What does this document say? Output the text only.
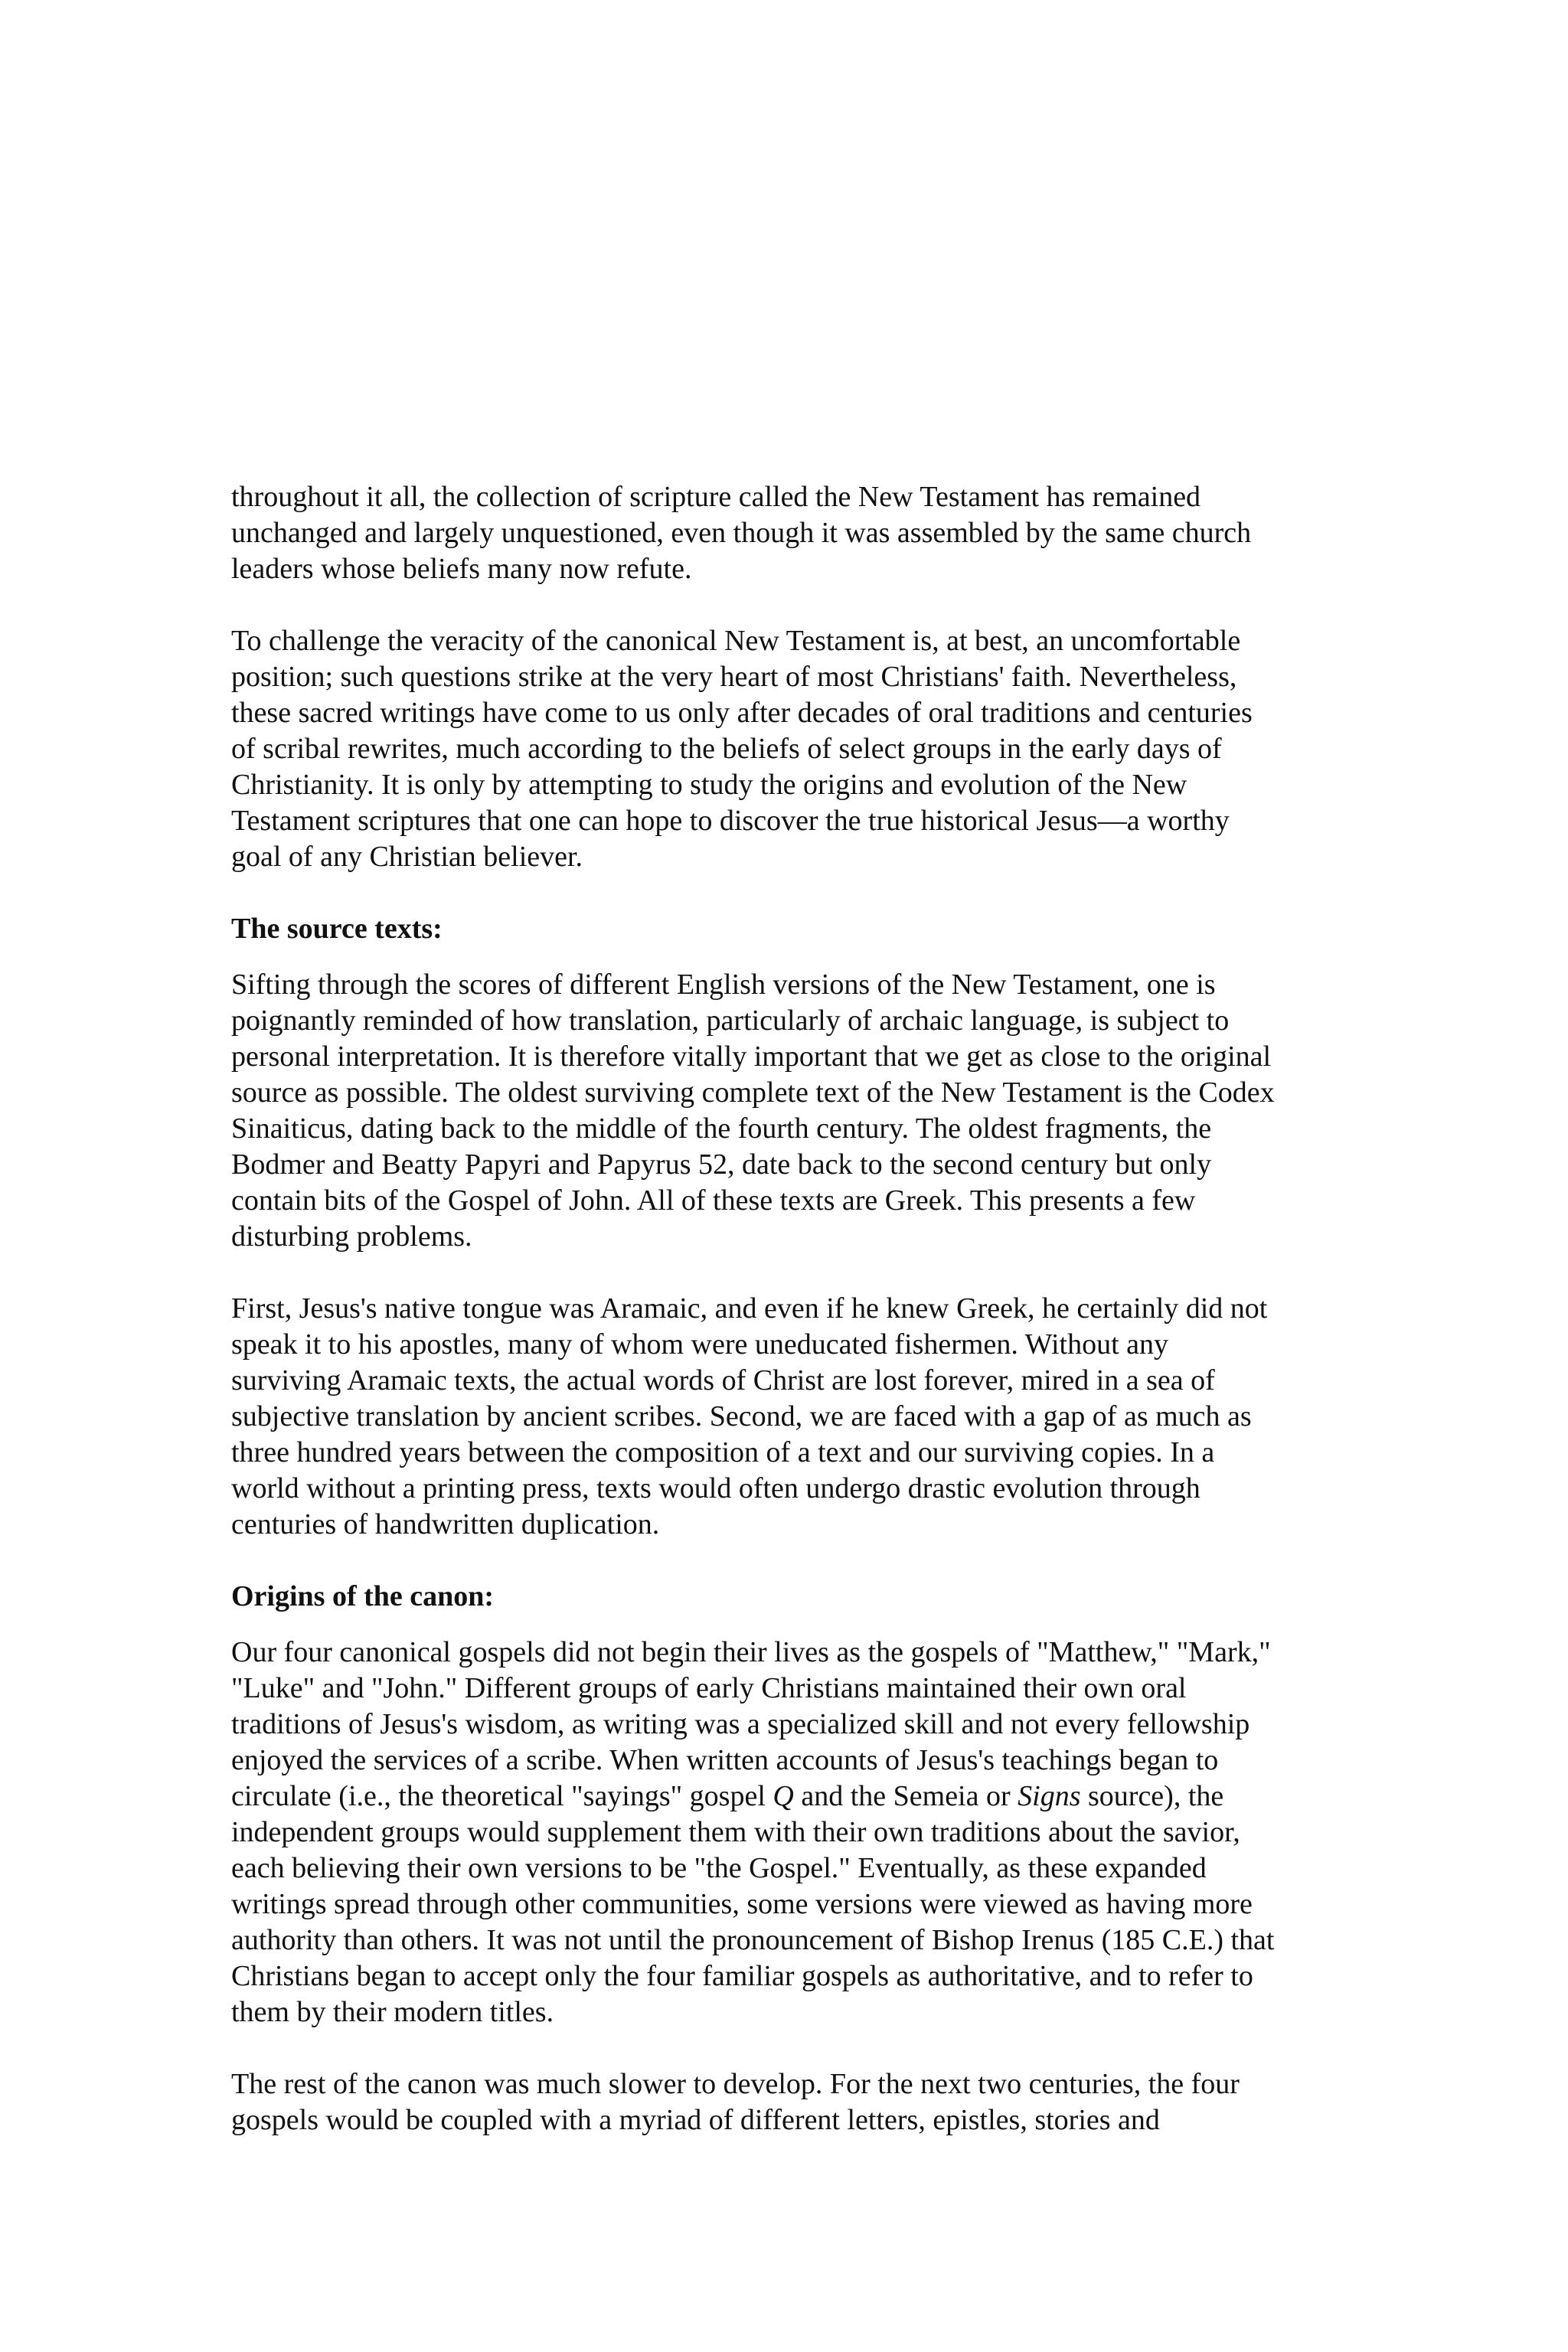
throughout it all, the collection of scripture called the New Testament has remained
unchanged and largely unquestioned, even though it was assembled by the same church
leaders whose beliefs many now refute.
To challenge the veracity of the canonical New Testament is, at best, an uncomfortable
position; such questions strike at the very heart of most Christians' faith. Nevertheless,
these sacred writings have come to us only after decades of oral traditions and centuries
of scribal rewrites, much according to the beliefs of select groups in the early days of
Christianity. It is only by attempting to study the origins and evolution of the New
Testament scriptures that one can hope to discover the true historical Jesus—a worthy
goal of any Christian believer.
The source texts:
Sifting through the scores of different English versions of the New Testament, one is
poignantly reminded of how translation, particularly of archaic language, is subject to
personal interpretation. It is therefore vitally important that we get as close to the original
source as possible. The oldest surviving complete text of the New Testament is the Codex
Sinaiticus, dating back to the middle of the fourth century. The oldest fragments, the
Bodmer and Beatty Papyri and Papyrus 52, date back to the second century but only
contain bits of the Gospel of John. All of these texts are Greek. This presents a few
disturbing problems.
First, Jesus's native tongue was Aramaic, and even if he knew Greek, he certainly did not
speak it to his apostles, many of whom were uneducated fishermen. Without any
surviving Aramaic texts, the actual words of Christ are lost forever, mired in a sea of
subjective translation by ancient scribes. Second, we are faced with a gap of as much as
three hundred years between the composition of a text and our surviving copies. In a
world without a printing press, texts would often undergo drastic evolution through
centuries of handwritten duplication.
Origins of the canon:
Our four canonical gospels did not begin their lives as the gospels of "Matthew," "Mark,"
"Luke" and "John." Different groups of early Christians maintained their own oral
traditions of Jesus's wisdom, as writing was a specialized skill and not every fellowship
enjoyed the services of a scribe. When written accounts of Jesus's teachings began to
circulate (i.e., the theoretical "sayings" gospel Q and the Semeia or Signs source), the
independent groups would supplement them with their own traditions about the savior,
each believing their own versions to be "the Gospel." Eventually, as these expanded
writings spread through other communities, some versions were viewed as having more
authority than others. It was not until the pronouncement of Bishop Irenus (185 C.E.) that
Christians began to accept only the four familiar gospels as authoritative, and to refer to
them by their modern titles.
The rest of the canon was much slower to develop. For the next two centuries, the four
gospels would be coupled with a myriad of different letters, epistles, stories and
